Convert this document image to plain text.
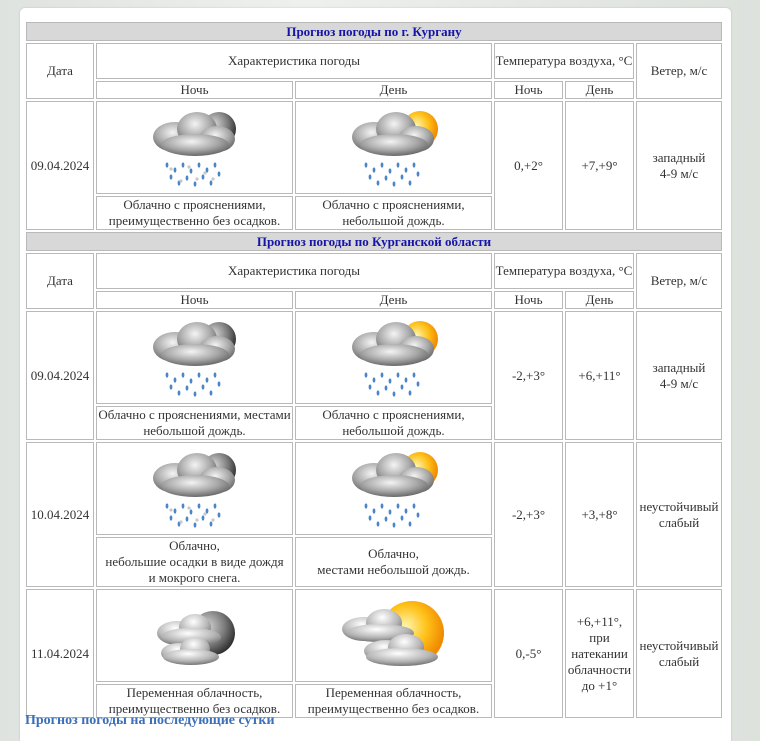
Прогноз погоды по г. Кургану					
Дата	Характеристика погоды		Температура воздуха, °С		Ветер, м/с
	Ночь	День	Ночь	День	
09.04.2024			0,+2°	+7,+9°	западный
4-9 м/с
	Облачно с прояснениями, преимущественно без осадков.	Облачно с прояснениями, небольшой дождь.			
Прогноз погоды по Курганской области					
Дата	Характеристика погоды		Температура воздуха, °С		Ветер, м/с
	Ночь	День	Ночь	День	
09.04.2024			-2,+3°	+6,+11°	западный
4-9 м/с
	Облачно с прояснениями, местами небольшой дождь.	Облачно с прояснениями, небольшой дождь.			
10.04.2024			-2,+3°	+3,+8°	неустойчивый
слабый
	Облачно,
небольшие осадки в виде дождя
и мокрого снега.	Облачно,
местами небольшой дождь.			
11.04.2024			0,-5°	+6,+11°,
при
натекании
облачности
до +1°	неустойчивый
слабый
	Переменная облачность, преимущественно без осадков.	Переменная облачность, преимущественно без осадков.			
Прогноз погоды на последующие сутки
